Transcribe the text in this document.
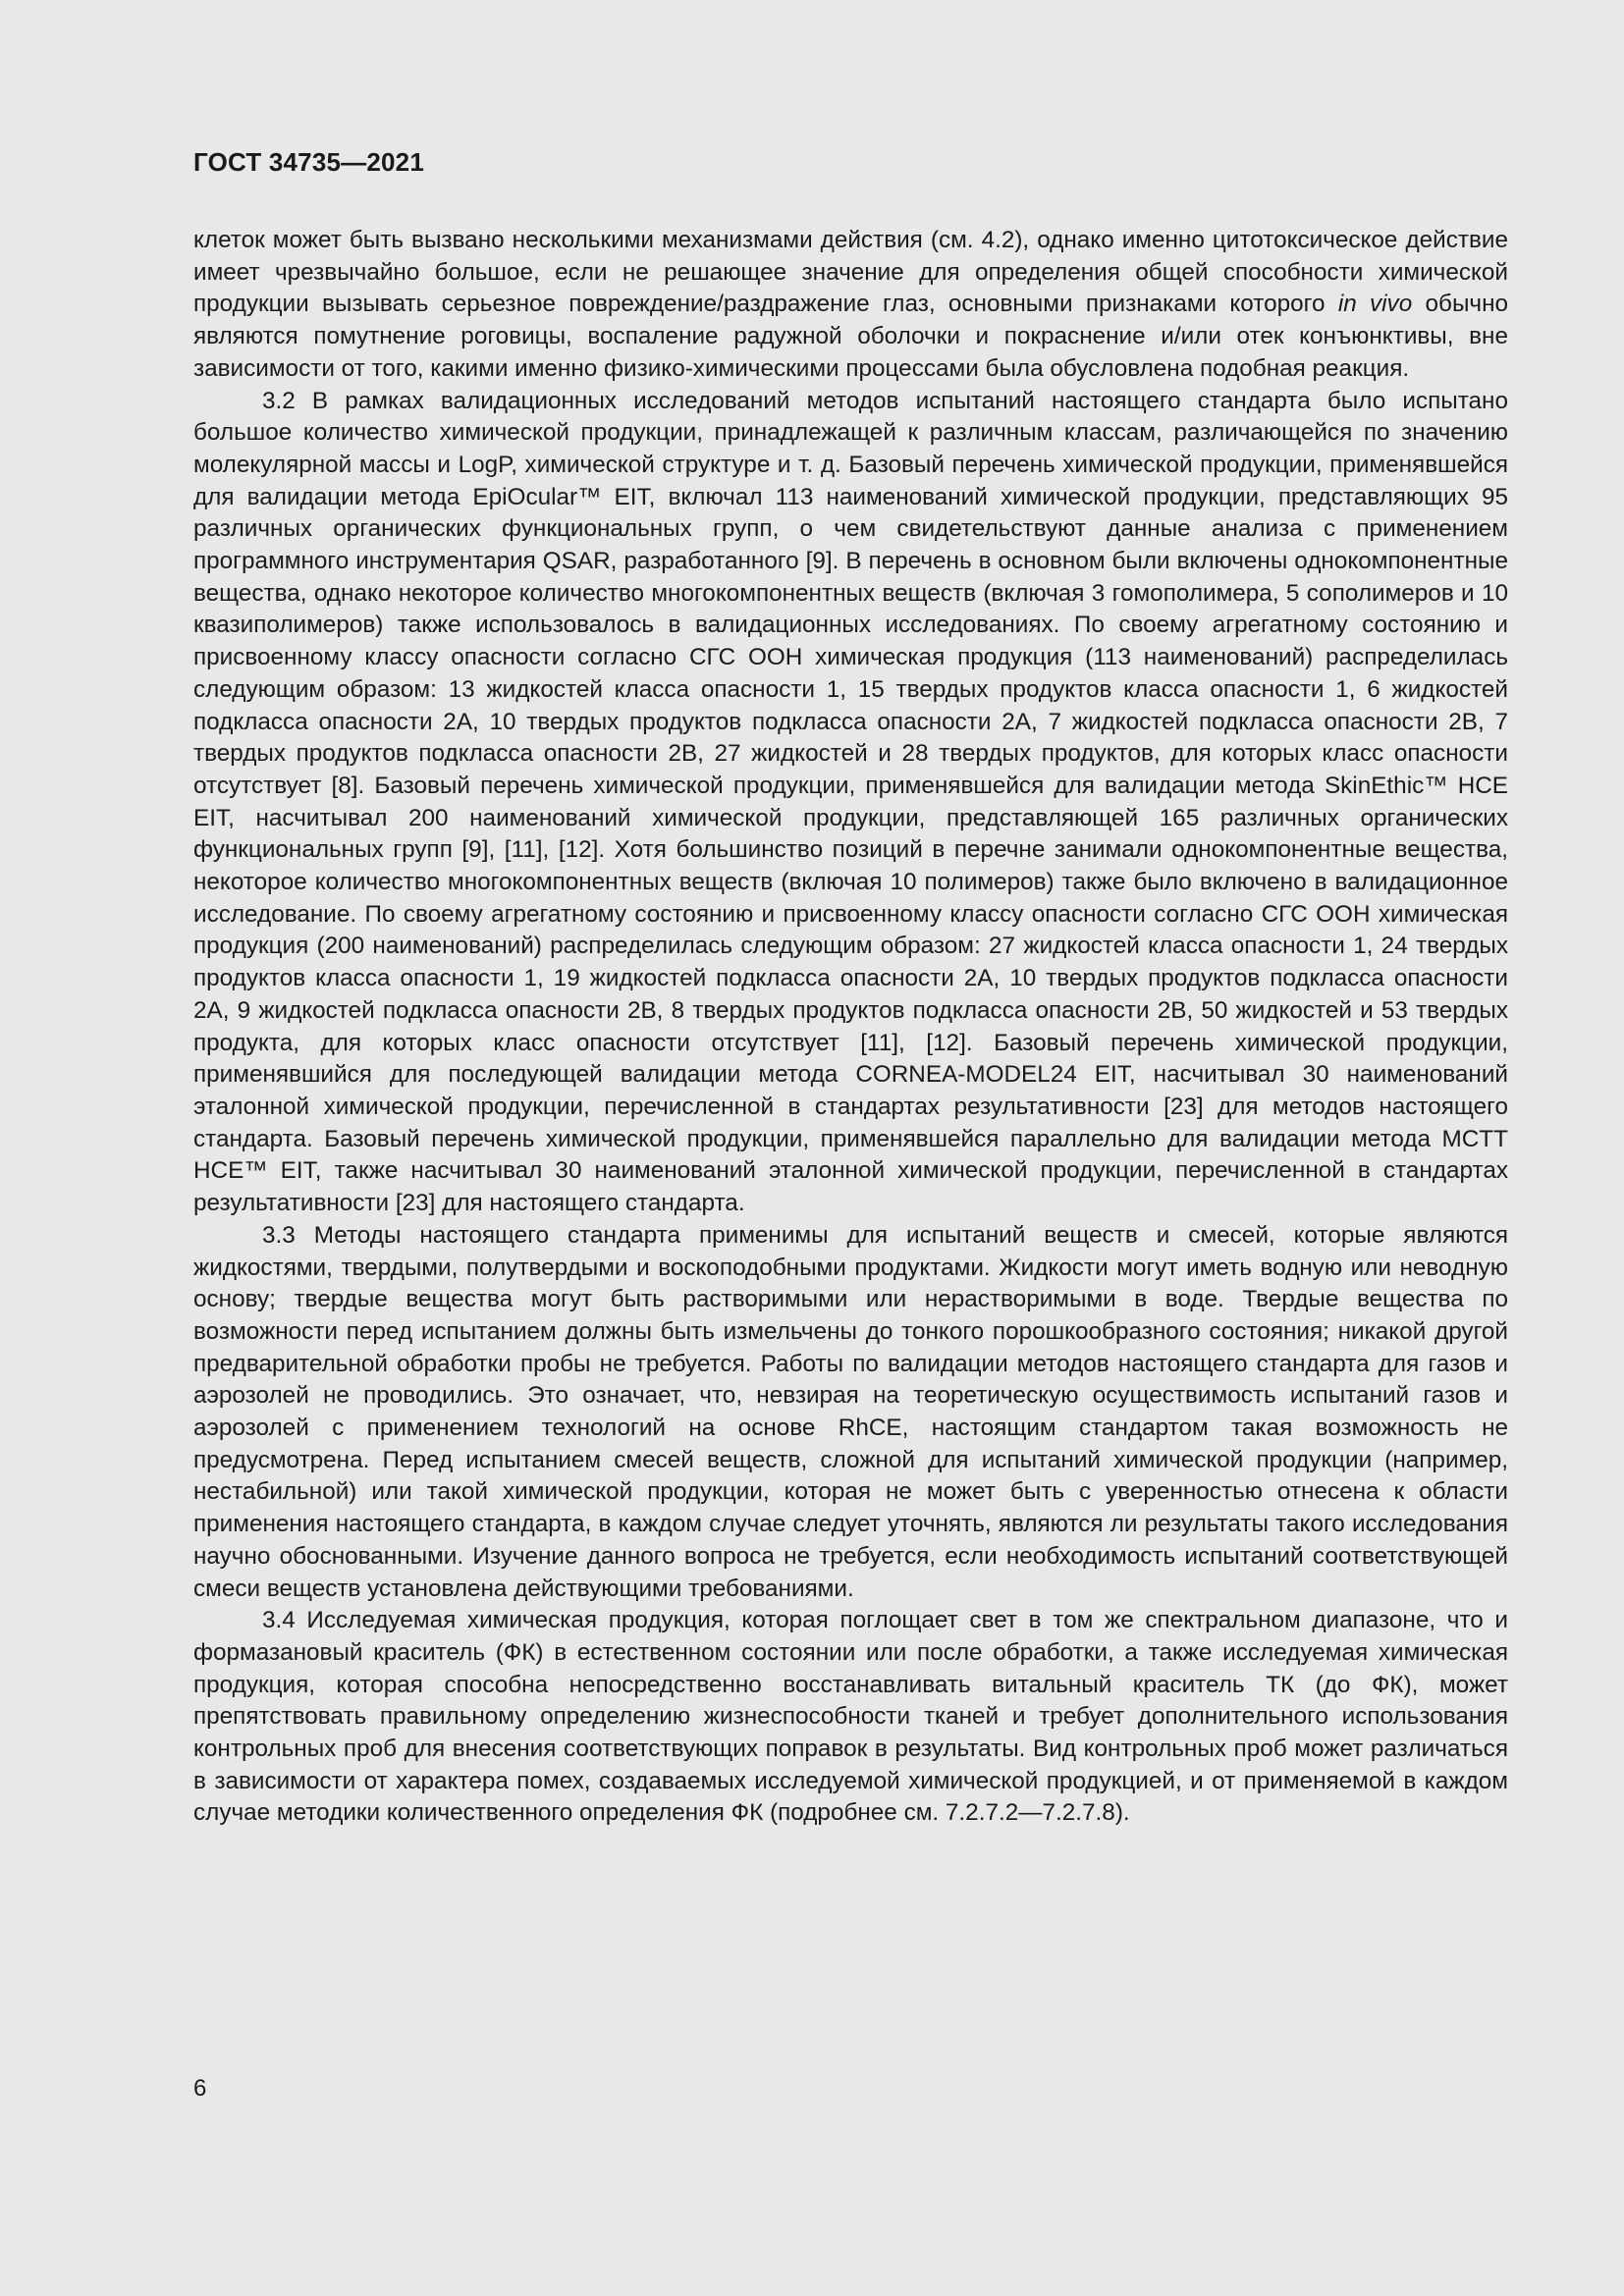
ГОСТ 34735—2021

клеток может быть вызвано несколькими механизмами действия (см. 4.2), однако именно цитотоксическое действие имеет чрезвычайно большое, если не решающее значение для определения общей способности химической продукции вызывать серьезное повреждение/раздражение глаз, основными признаками которого in vivo обычно являются помутнение роговицы, воспаление радужной оболочки и покраснение и/или отек конъюнктивы, вне зависимости от того, какими именно физико-химическими процессами была обусловлена подобная реакция.

3.2 В рамках валидационных исследований методов испытаний настоящего стандарта было испытано большое количество химической продукции, принадлежащей к различным классам, различающейся по значению молекулярной массы и LogP, химической структуре и т. д. Базовый перечень химической продукции, применявшейся для валидации метода EpiOcular™ EIT, включал 113 наименований химической продукции, представляющих 95 различных органических функциональных групп, о чем свидетельствуют данные анализа с применением программного инструментария QSAR, разработанного [9]. В перечень в основном были включены однокомпонентные вещества, однако некоторое количество многокомпонентных веществ (включая 3 гомополимера, 5 сополимеров и 10 квазиполимеров) также использовалось в валидационных исследованиях. По своему агрегатному состоянию и присвоенному классу опасности согласно СГС ООН химическая продукция (113 наименований) распределилась следующим образом: 13 жидкостей класса опасности 1, 15 твердых продуктов класса опасности 1, 6 жидкостей подкласса опасности 2А, 10 твердых продуктов подкласса опасности 2А, 7 жидкостей подкласса опасности 2В, 7 твердых продуктов подкласса опасности 2В, 27 жидкостей и 28 твердых продуктов, для которых класс опасности отсутствует [8]. Базовый перечень химической продукции, применявшейся для валидации метода SkinEthic™ HCE EIT, насчитывал 200 наименований химической продукции, представляющей 165 различных органических функциональных групп [9], [11], [12]. Хотя большинство позиций в перечне занимали однокомпонентные вещества, некоторое количество многокомпонентных веществ (включая 10 полимеров) также было включено в валидационное исследование. По своему агрегатному состоянию и присвоенному классу опасности согласно СГС ООН химическая продукция (200 наименований) распределилась следующим образом: 27 жидкостей класса опасности 1, 24 твердых продуктов класса опасности 1, 19 жидкостей подкласса опасности 2А, 10 твердых продуктов подкласса опасности 2А, 9 жидкостей подкласса опасности 2В, 8 твердых продуктов подкласса опасности 2В, 50 жидкостей и 53 твердых продукта, для которых класс опасности отсутствует [11], [12]. Базовый перечень химической продукции, применявшийся для последующей валидации метода CORNEA-MODEL24 EIT, насчитывал 30 наименований эталонной химической продукции, перечисленной в стандартах результативности [23] для методов настоящего стандарта. Базовый перечень химической продукции, применявшейся параллельно для валидации метода MCTT HCE™ EIT, также насчитывал 30 наименований эталонной химической продукции, перечисленной в стандартах результативности [23] для настоящего стандарта.

3.3 Методы настоящего стандарта применимы для испытаний веществ и смесей, которые являются жидкостями, твердыми, полутвердыми и воскоподобными продуктами. Жидкости могут иметь водную или неводную основу; твердые вещества могут быть растворимыми или нерастворимыми в воде. Твердые вещества по возможности перед испытанием должны быть измельчены до тонкого порошкообразного состояния; никакой другой предварительной обработки пробы не требуется. Работы по валидации методов настоящего стандарта для газов и аэрозолей не проводились. Это означает, что, невзирая на теоретическую осуществимость испытаний газов и аэрозолей с применением технологий на основе RhCE, настоящим стандартом такая возможность не предусмотрена. Перед испытанием смесей веществ, сложной для испытаний химической продукции (например, нестабильной) или такой химической продукции, которая не может быть с уверенностью отнесена к области применения настоящего стандарта, в каждом случае следует уточнять, являются ли результаты такого исследования научно обоснованными. Изучение данного вопроса не требуется, если необходимость испытаний соответствующей смеси веществ установлена действующими требованиями.

3.4 Исследуемая химическая продукция, которая поглощает свет в том же спектральном диапазоне, что и формазановый краситель (ФК) в естественном состоянии или после обработки, а также исследуемая химическая продукция, которая способна непосредственно восстанавливать витальный краситель ТК (до ФК), может препятствовать правильному определению жизнеспособности тканей и требует дополнительного использования контрольных проб для внесения соответствующих поправок в результаты. Вид контрольных проб может различаться в зависимости от характера помех, создаваемых исследуемой химической продукцией, и от применяемой в каждом случае методики количественного определения ФК (подробнее см. 7.2.7.2—7.2.7.8).

6
